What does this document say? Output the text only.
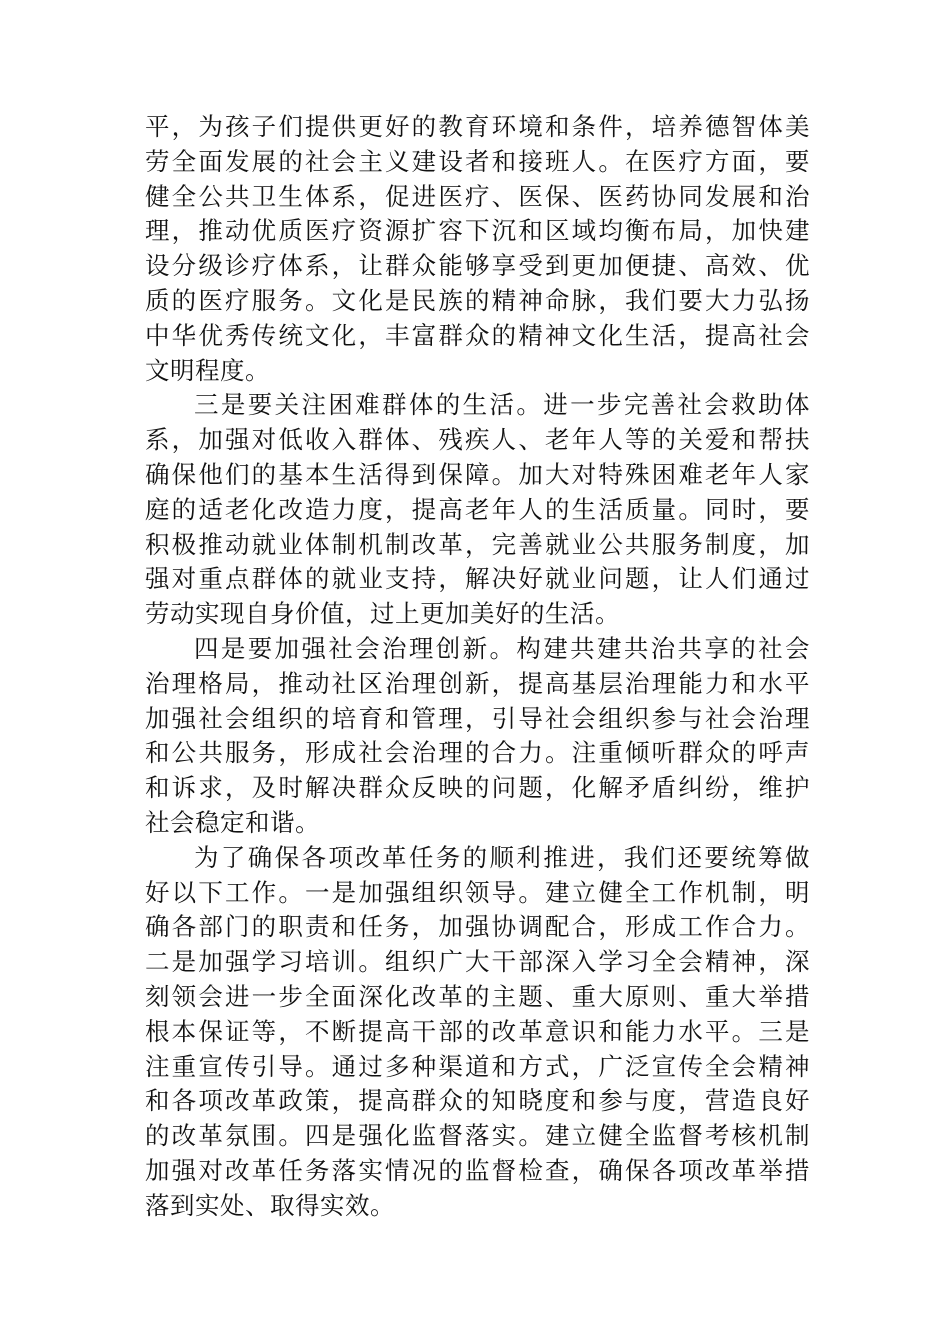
平，为孩子们提供更好的教育环境和条件，培养德智体美
劳全面发展的社会主义建设者和接班人。在医疗方面，要
健全公共卫生体系，促进医疗、医保、医药协同发展和治
理，推动优质医疗资源扩容下沉和区域均衡布局，加快建
设分级诊疗体系，让群众能够享受到更加便捷、高效、优
质的医疗服务。文化是民族的精神命脉，我们要大力弘扬
中华优秀传统文化，丰富群众的精神文化生活，提高社会
文明程度。
三是要关注困难群体的生活。进一步完善社会救助体
系，加强对低收入群体、残疾人、老年人等的关爱和帮扶
确保他们的基本生活得到保障。加大对特殊困难老年人家
庭的适老化改造力度，提高老年人的生活质量。同时，要
积极推动就业体制机制改革，完善就业公共服务制度，加
强对重点群体的就业支持，解决好就业问题，让人们通过
劳动实现自身价值，过上更加美好的生活。
四是要加强社会治理创新。构建共建共治共享的社会
治理格局，推动社区治理创新，提高基层治理能力和水平
加强社会组织的培育和管理，引导社会组织参与社会治理
和公共服务，形成社会治理的合力。注重倾听群众的呼声
和诉求，及时解决群众反映的问题，化解矛盾纠纷，维护
社会稳定和谐。
为了确保各项改革任务的顺利推进，我们还要统筹做
好以下工作。一是加强组织领导。建立健全工作机制，明
确各部门的职责和任务，加强协调配合，形成工作合力。
二是加强学习培训。组织广大干部深入学习全会精神，深
刻领会进一步全面深化改革的主题、重大原则、重大举措
根本保证等，不断提高干部的改革意识和能力水平。三是
注重宣传引导。通过多种渠道和方式，广泛宣传全会精神
和各项改革政策，提高群众的知晓度和参与度，营造良好
的改革氛围。四是强化监督落实。建立健全监督考核机制
加强对改革任务落实情况的监督检查，确保各项改革举措
落到实处、取得实效。
